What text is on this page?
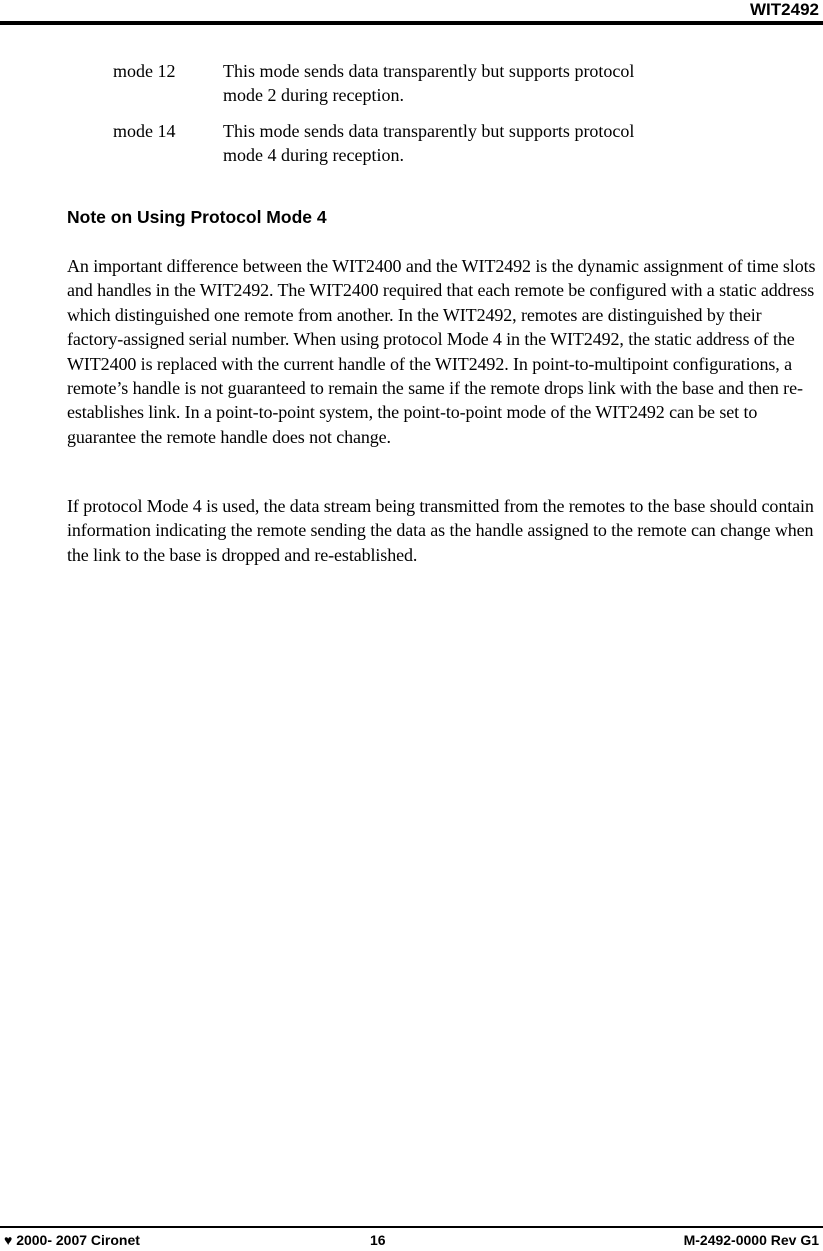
WIT2492
mode 12	This mode sends data transparently but supports protocol mode 2 during reception.
mode 14	This mode sends data transparently but supports protocol mode 4 during reception.
Note on Using Protocol Mode 4

An important difference between the WIT2400 and the WIT2492 is the dynamic assignment of time slots and handles in the WIT2492. The WIT2400 required that each remote be configured with a static address which distinguished one remote from another. In the WIT2492, remotes are distinguished by their factory-assigned serial number. When using protocol Mode 4 in the WIT2492, the static address of the WIT2400 is replaced with the current handle of the WIT2492. In point-to-multipoint configurations, a remote’s handle is not guaranteed to remain the same if the remote drops link with the base and then re-establishes link. In a point-to-point system, the point-to-point mode of the WIT2492 can be set to guarantee the remote handle does not change.

If protocol Mode 4 is used, the data stream being transmitted from the remotes to the base should contain information indicating the remote sending the data as the handle assigned to the remote can change when the link to the base is dropped and re-established.

♥ 2000- 2007 Cironet	16	M-2492-0000 Rev G1
